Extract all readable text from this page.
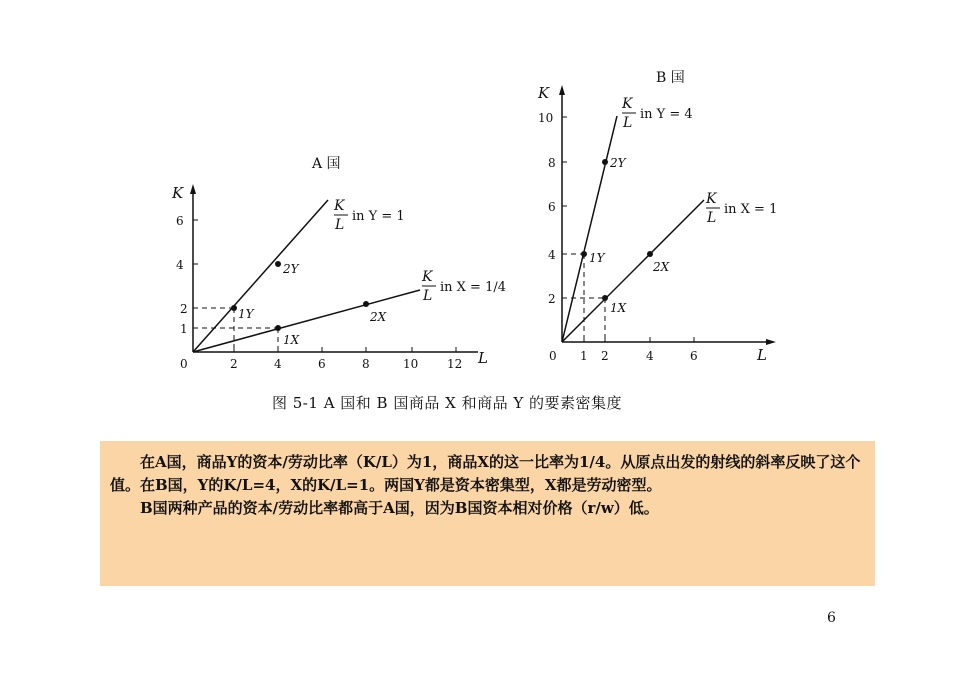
A 国
K
L
1
2
4
6
0	2	4	6	8	10 12
1Y
2Y
1X
2X
K
L
in Y = 1
K
L
in X = 1/4
B 国
K
L
2
4
6
8
10
0 1 2	4	6
1Y
2Y
1X
2X
K
L
in Y = 4
K
L
in X = 1
图 5-1 A 国和 B 国商品 X 和商品 Y 的要素密集度

在A国，商品Y的资本/劳动比率（K/L）为1，商品X的这一比率为1/4。从原点出发的射线的斜率反映了这个值。在B国，Y的K/L=4，X的K/L=1。两国Y都是资本密集型，X都是劳动密型。

B国两种产品的资本/劳动比率都高于A国，因为B国资本相对价格（r/w）低。

6
